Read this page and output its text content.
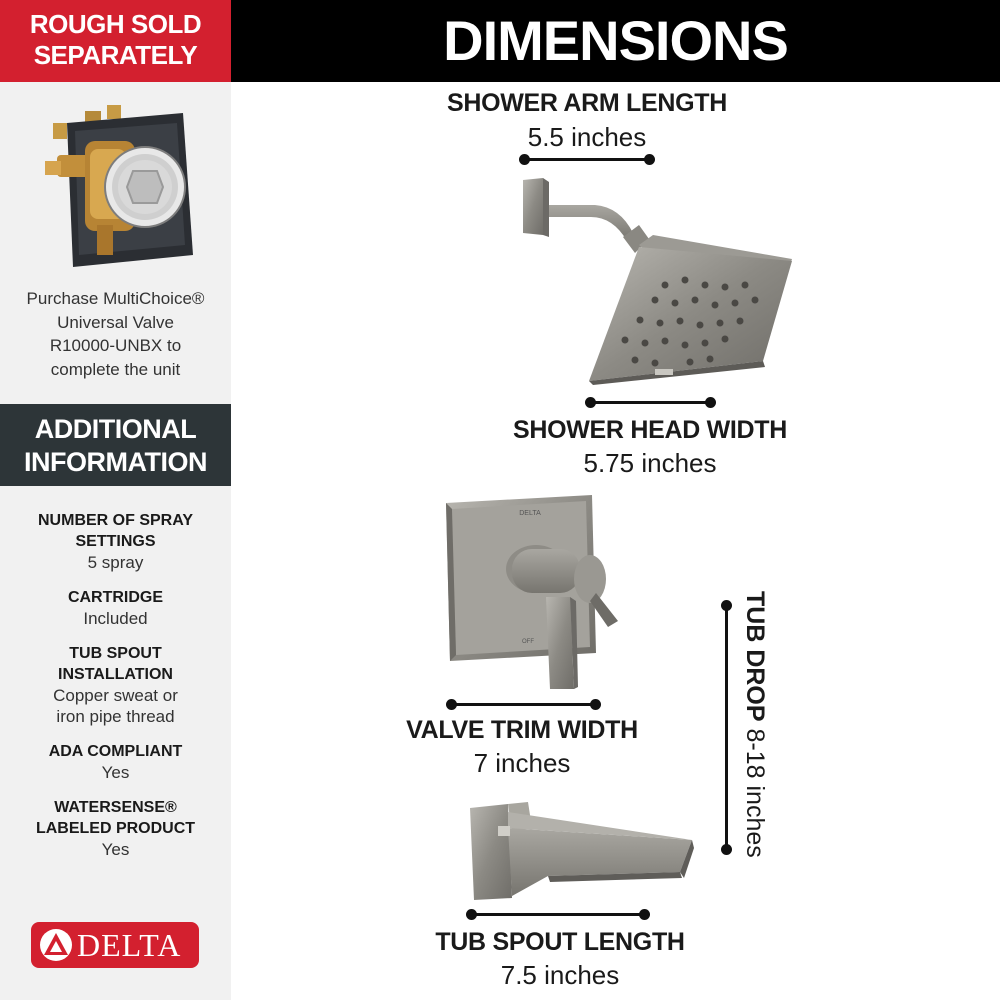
ROUGH SOLD
SEPARATELY
Purchase MultiChoice®
Universal Valve
R10000-UNBX to
complete the unit
ADDITIONAL
INFORMATION
NUMBER OF SPRAY
SETTINGS
5 spray
CARTRIDGE
Included
TUB SPOUT
INSTALLATION
Copper sweat or
iron pipe thread
ADA COMPLIANT
Yes
WATERSENSE®
LABELED PRODUCT
Yes
DELTA
DIMENSIONS
SHOWER ARM LENGTH
5.5 inches
SHOWER HEAD WIDTH
5.75 inches
DELTA
OFF
VALVE TRIM WIDTH
7 inches
TUB DROP 8-18 inches
TUB SPOUT LENGTH
7.5 inches
